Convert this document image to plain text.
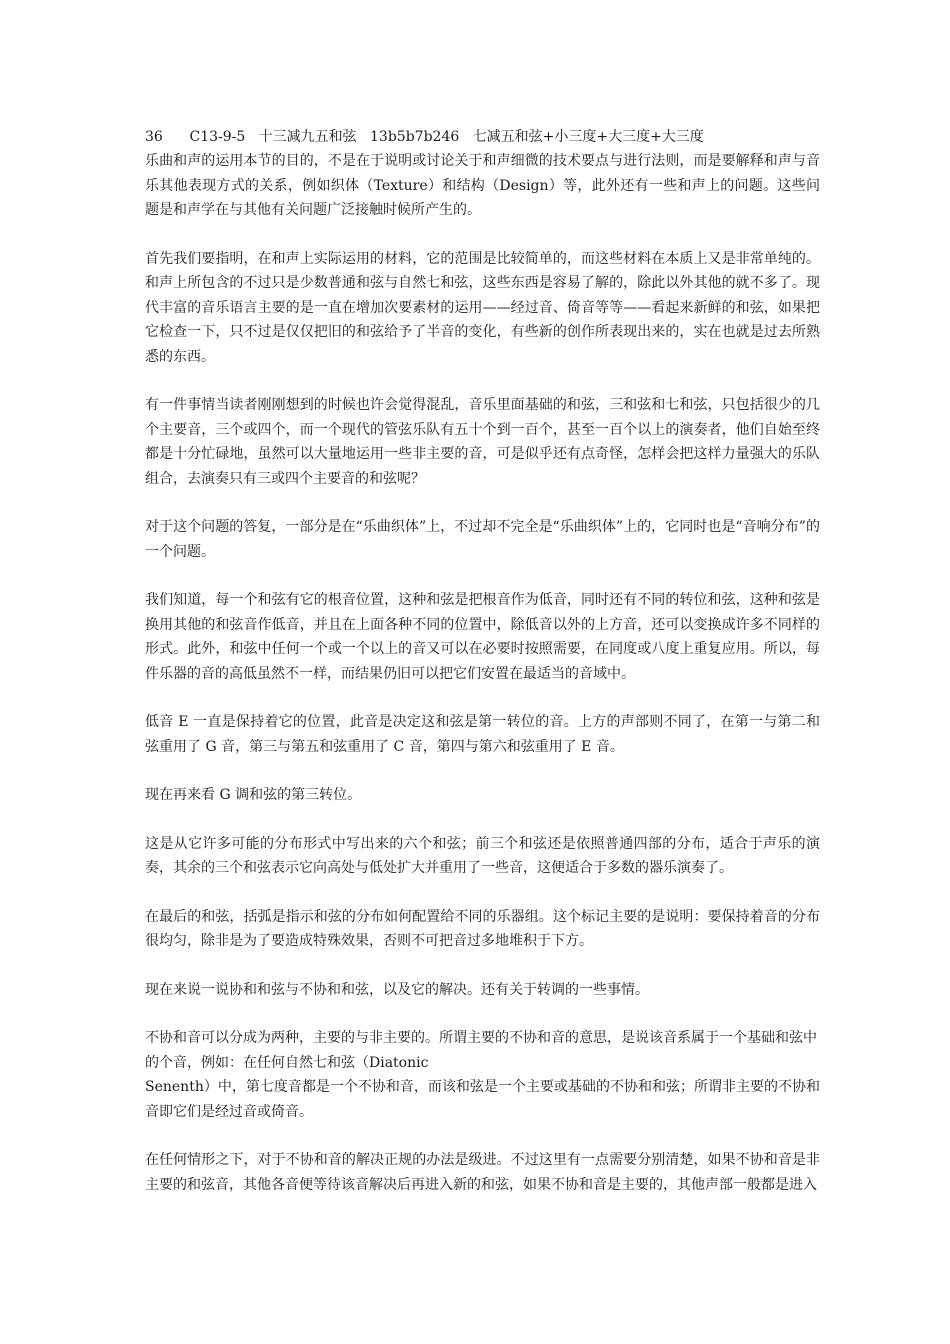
36      C13-9-5   十三减九五和弦   13b5b7b246   七减五和弦+小三度+大三度+大三度

乐曲和声的运用本节的目的，不是在于说明或讨论关于和声细微的技术要点与进行法则，而是要解释和声与音乐其他表现方式的关系，例如织体（Texture）和结构（Design）等，此外还有一些和声上的问题。这些问题是和声学在与其他有关问题广泛接触时候所产生的。

首先我们要指明，在和声上实际运用的材料，它的范围是比较简单的，而这些材料在本质上又是非常单纯的。和声上所包含的不过只是少数普通和弦与自然七和弦，这些东西是容易了解的，除此以外其他的就不多了。现代丰富的音乐语言主要的是一直在增加次要素材的运用——经过音、倚音等等——看起来新鲜的和弦，如果把它检查一下，只不过是仅仅把旧的和弦给予了半音的变化，有些新的创作所表现出来的，实在也就是过去所熟悉的东西。

有一件事情当读者刚刚想到的时候也许会觉得混乱，音乐里面基础的和弦，三和弦和七和弦，只包括很少的几个主要音，三个或四个，而一个现代的管弦乐队有五十个到一百个，甚至一百个以上的演奏者，他们自始至终都是十分忙碌地，虽然可以大量地运用一些非主要的音，可是似乎还有点奇怪，怎样会把这样力量强大的乐队组合，去演奏只有三或四个主要音的和弦呢？

对于这个问题的答复，一部分是在“乐曲织体”上，不过却不完全是“乐曲织体”上的，它同时也是“音响分布”的一个问题。

我们知道，每一个和弦有它的根音位置，这种和弦是把根音作为低音，同时还有不同的转位和弦，这种和弦是换用其他的和弦音作低音，并且在上面各种不同的位置中，除低音以外的上方音，还可以变换成许多不同样的形式。此外，和弦中任何一个或一个以上的音又可以在必要时按照需要，在同度或八度上重复应用。所以，每件乐器的音的高低虽然不一样，而结果仍旧可以把它们安置在最适当的音域中。

低音 E 一直是保持着它的位置，此音是决定这和弦是第一转位的音。上方的声部则不同了，在第一与第二和弦重用了 G 音，第三与第五和弦重用了 C 音，第四与第六和弦重用了 E 音。

现在再来看 G 调和弦的第三转位。

这是从它许多可能的分布形式中写出来的六个和弦；前三个和弦还是依照普通四部的分布，适合于声乐的演奏，其余的三个和弦表示它向高处与低处扩大并重用了一些音，这便适合于多数的器乐演奏了。

在最后的和弦，括弧是指示和弦的分布如何配置给不同的乐器组。这个标记主要的是说明：要保持着音的分布很均匀，除非是为了要造成特殊效果，否则不可把音过多地堆积于下方。

现在来说一说协和和弦与不协和和弦，以及它的解决。还有关于转调的一些事情。

不协和音可以分成为两种，主要的与非主要的。所谓主要的不协和音的意思，是说该音系属于一个基础和弦中的个音，例如：在任何自然七和弦（Diatonic

Senenth）中，第七度音都是一个不协和音，而该和弦是一个主要或基础的不协和和弦；所谓非主要的不协和音即它们是经过音或倚音。

在任何情形之下，对于不协和音的解决正规的办法是级进。不过这里有一点需要分别清楚，如果不协和音是非主要的和弦音，其他各音便等待该音解决后再进入新的和弦，如果不协和音是主要的，其他声部一般都是进入
